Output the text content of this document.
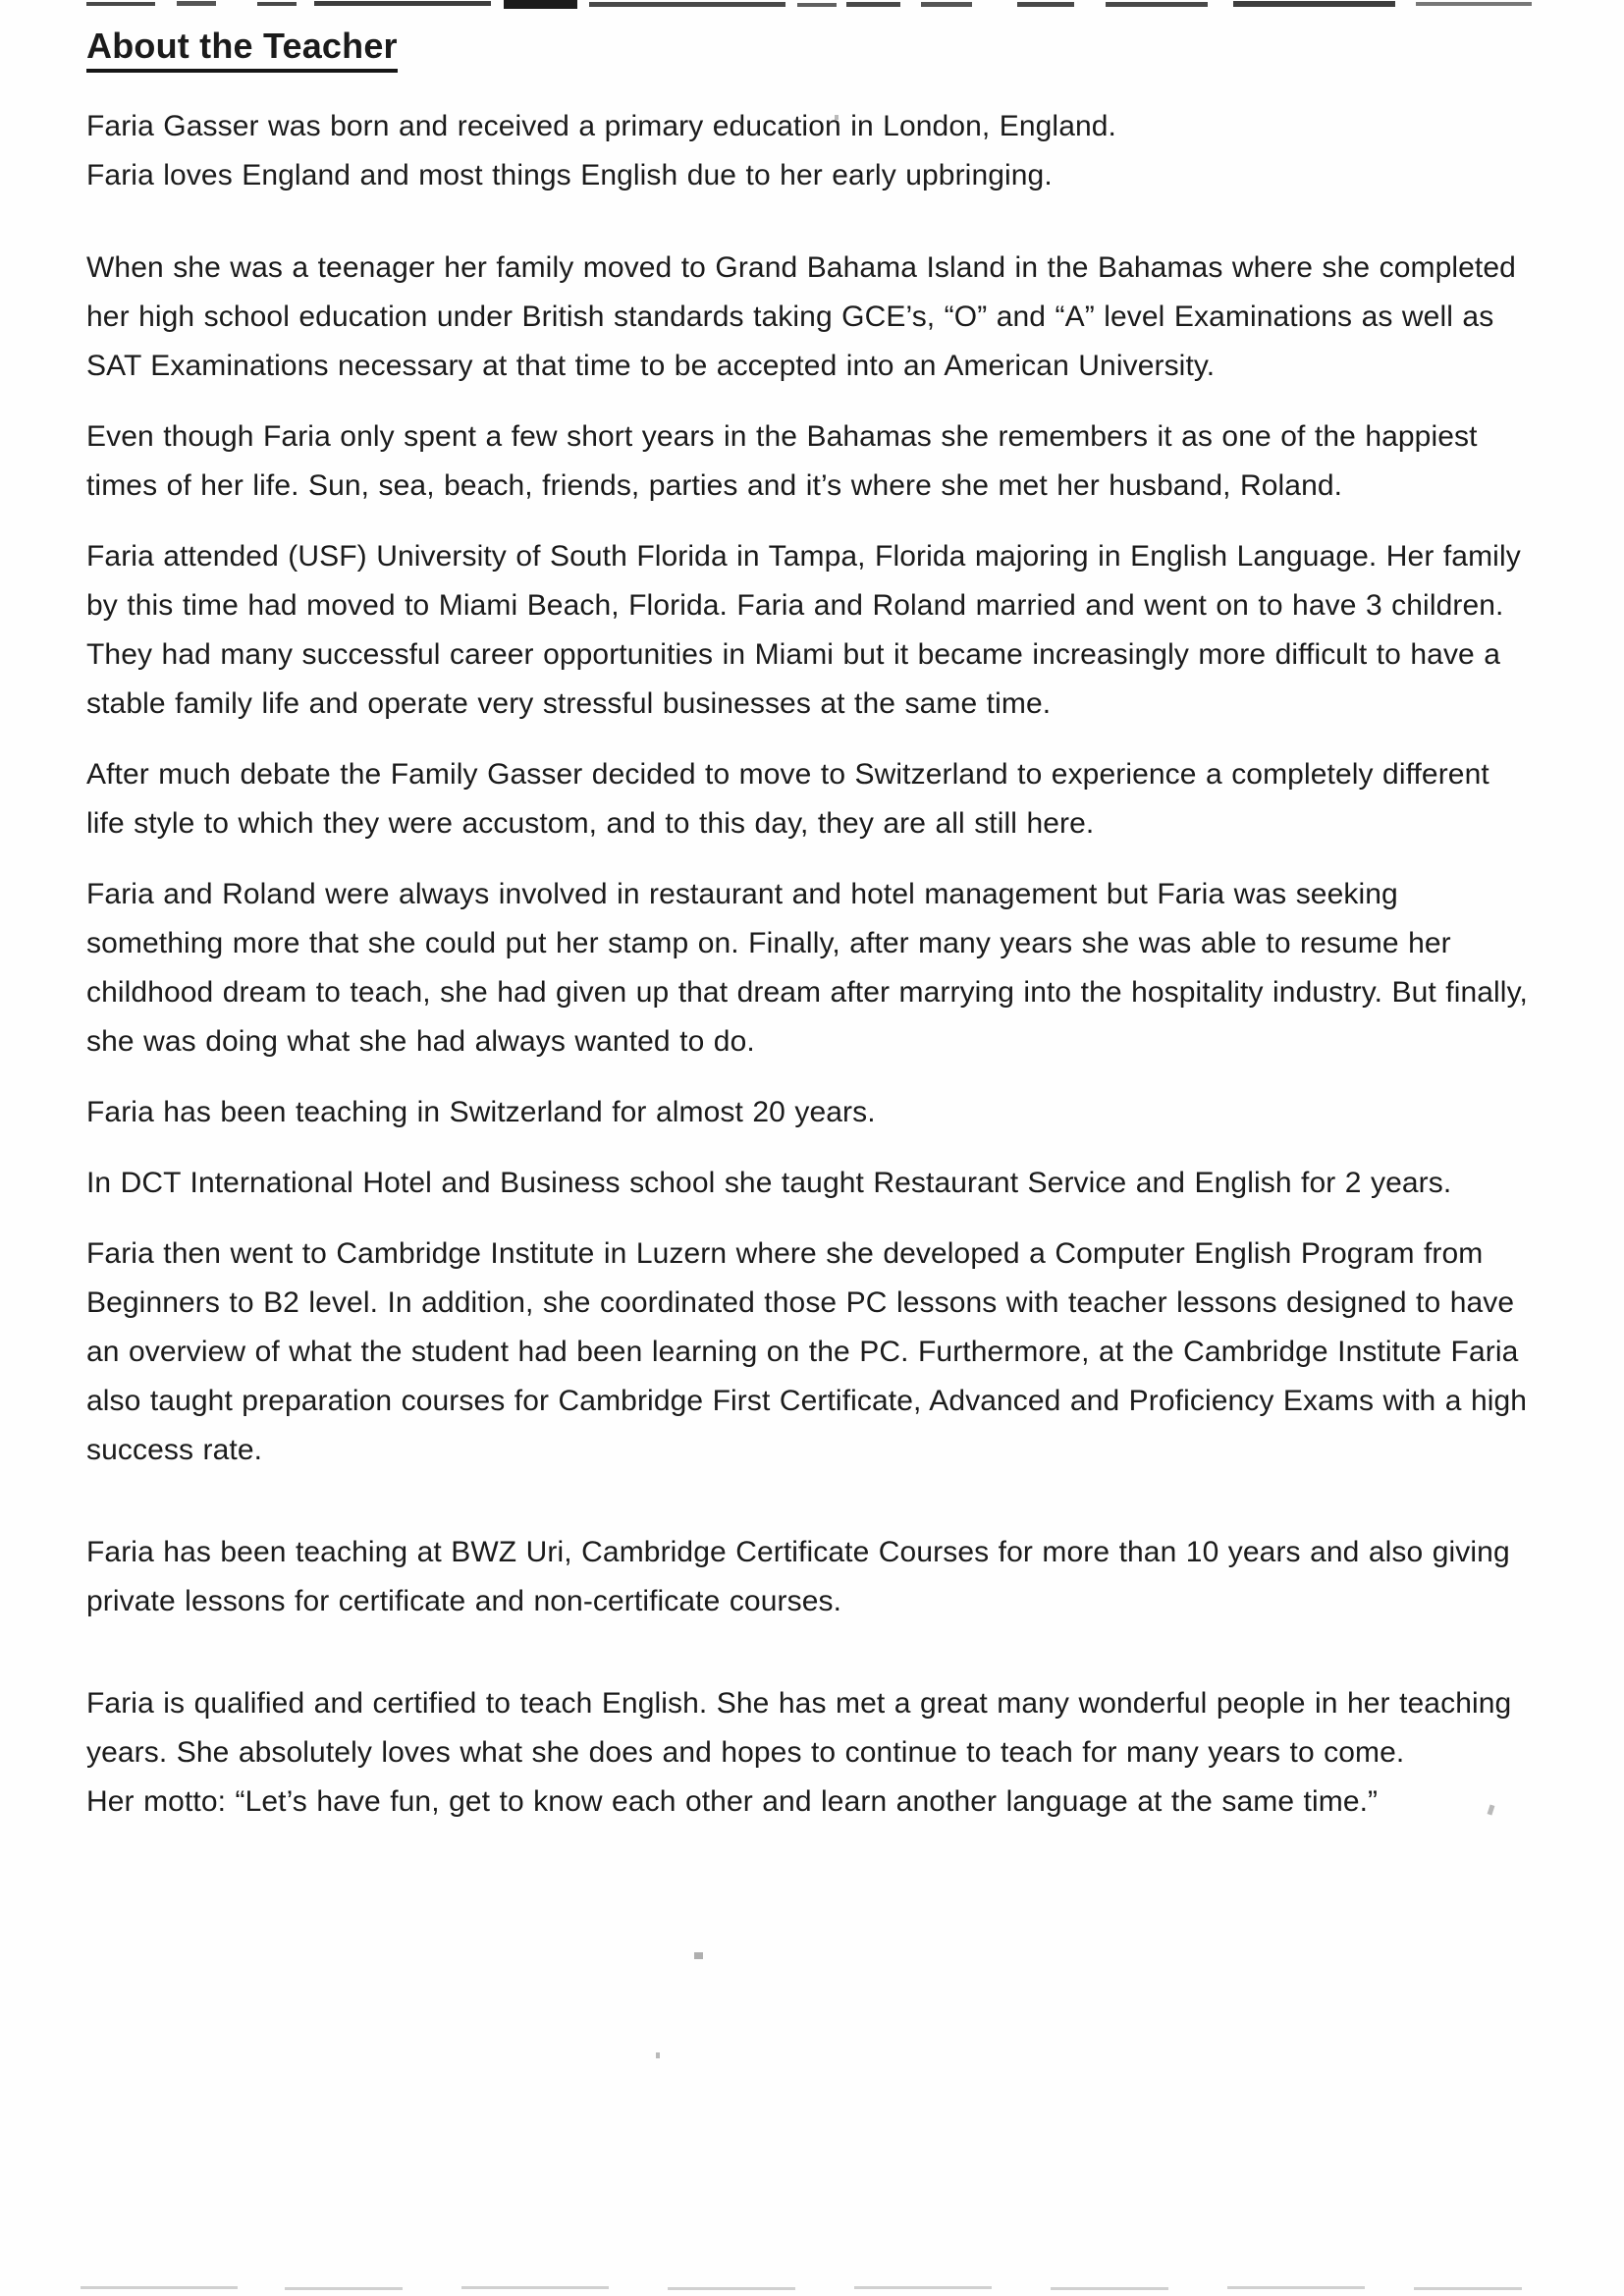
About the Teacher

Faria Gasser was born and received a primary education in London, England.

Faria loves England and most things English due to her early upbringing.

When she was a teenager her family moved to Grand Bahama Island in the Bahamas where she completed her high school education under British standards taking GCE’s, “O” and “A” level Examinations as well as SAT Examinations necessary at that time to be accepted into an American University.

Even though Faria only spent a few short years in the Bahamas she remembers it as one of the happiest times of her life. Sun, sea, beach, friends, parties and it’s where she met her husband, Roland.

Faria attended (USF) University of South Florida in Tampa, Florida majoring in English Language. Her family by this time had moved to Miami Beach, Florida. Faria and Roland married and went on to have 3 children. They had many successful career opportunities in Miami but it became increasingly more difficult to have a stable family life and operate very stressful businesses at the same time.

After much debate the Family Gasser decided to move to Switzerland to experience a completely different life style to which they were accustom, and to this day, they are all still here.

Faria and Roland were always involved in restaurant and hotel management but Faria was seeking something more that she could put her stamp on. Finally, after many years she was able to resume her childhood dream to teach, she had given up that dream after marrying into the hospitality industry. But finally, she was doing what she had always wanted to do.

Faria has been teaching in Switzerland for almost 20 years.

In DCT International Hotel and Business school she taught Restaurant Service and English for 2 years.

Faria then went to Cambridge Institute in Luzern where she developed a Computer English Program from Beginners to B2 level. In addition, she coordinated those PC lessons with teacher lessons designed to have an overview of what the student had been learning on the PC. Furthermore, at the Cambridge Institute Faria also taught preparation courses for Cambridge First Certificate, Advanced and Proficiency Exams with a high success rate.

Faria has been teaching at BWZ Uri, Cambridge Certificate Courses for more than 10 years and also giving private lessons for certificate and non-certificate courses.

Faria is qualified and certified to teach English. She has met a great many wonderful people in her teaching years. She absolutely loves what she does and hopes to continue to teach for many years to come.

Her motto: “Let’s have fun, get to know each other and learn another language at the same time.”
